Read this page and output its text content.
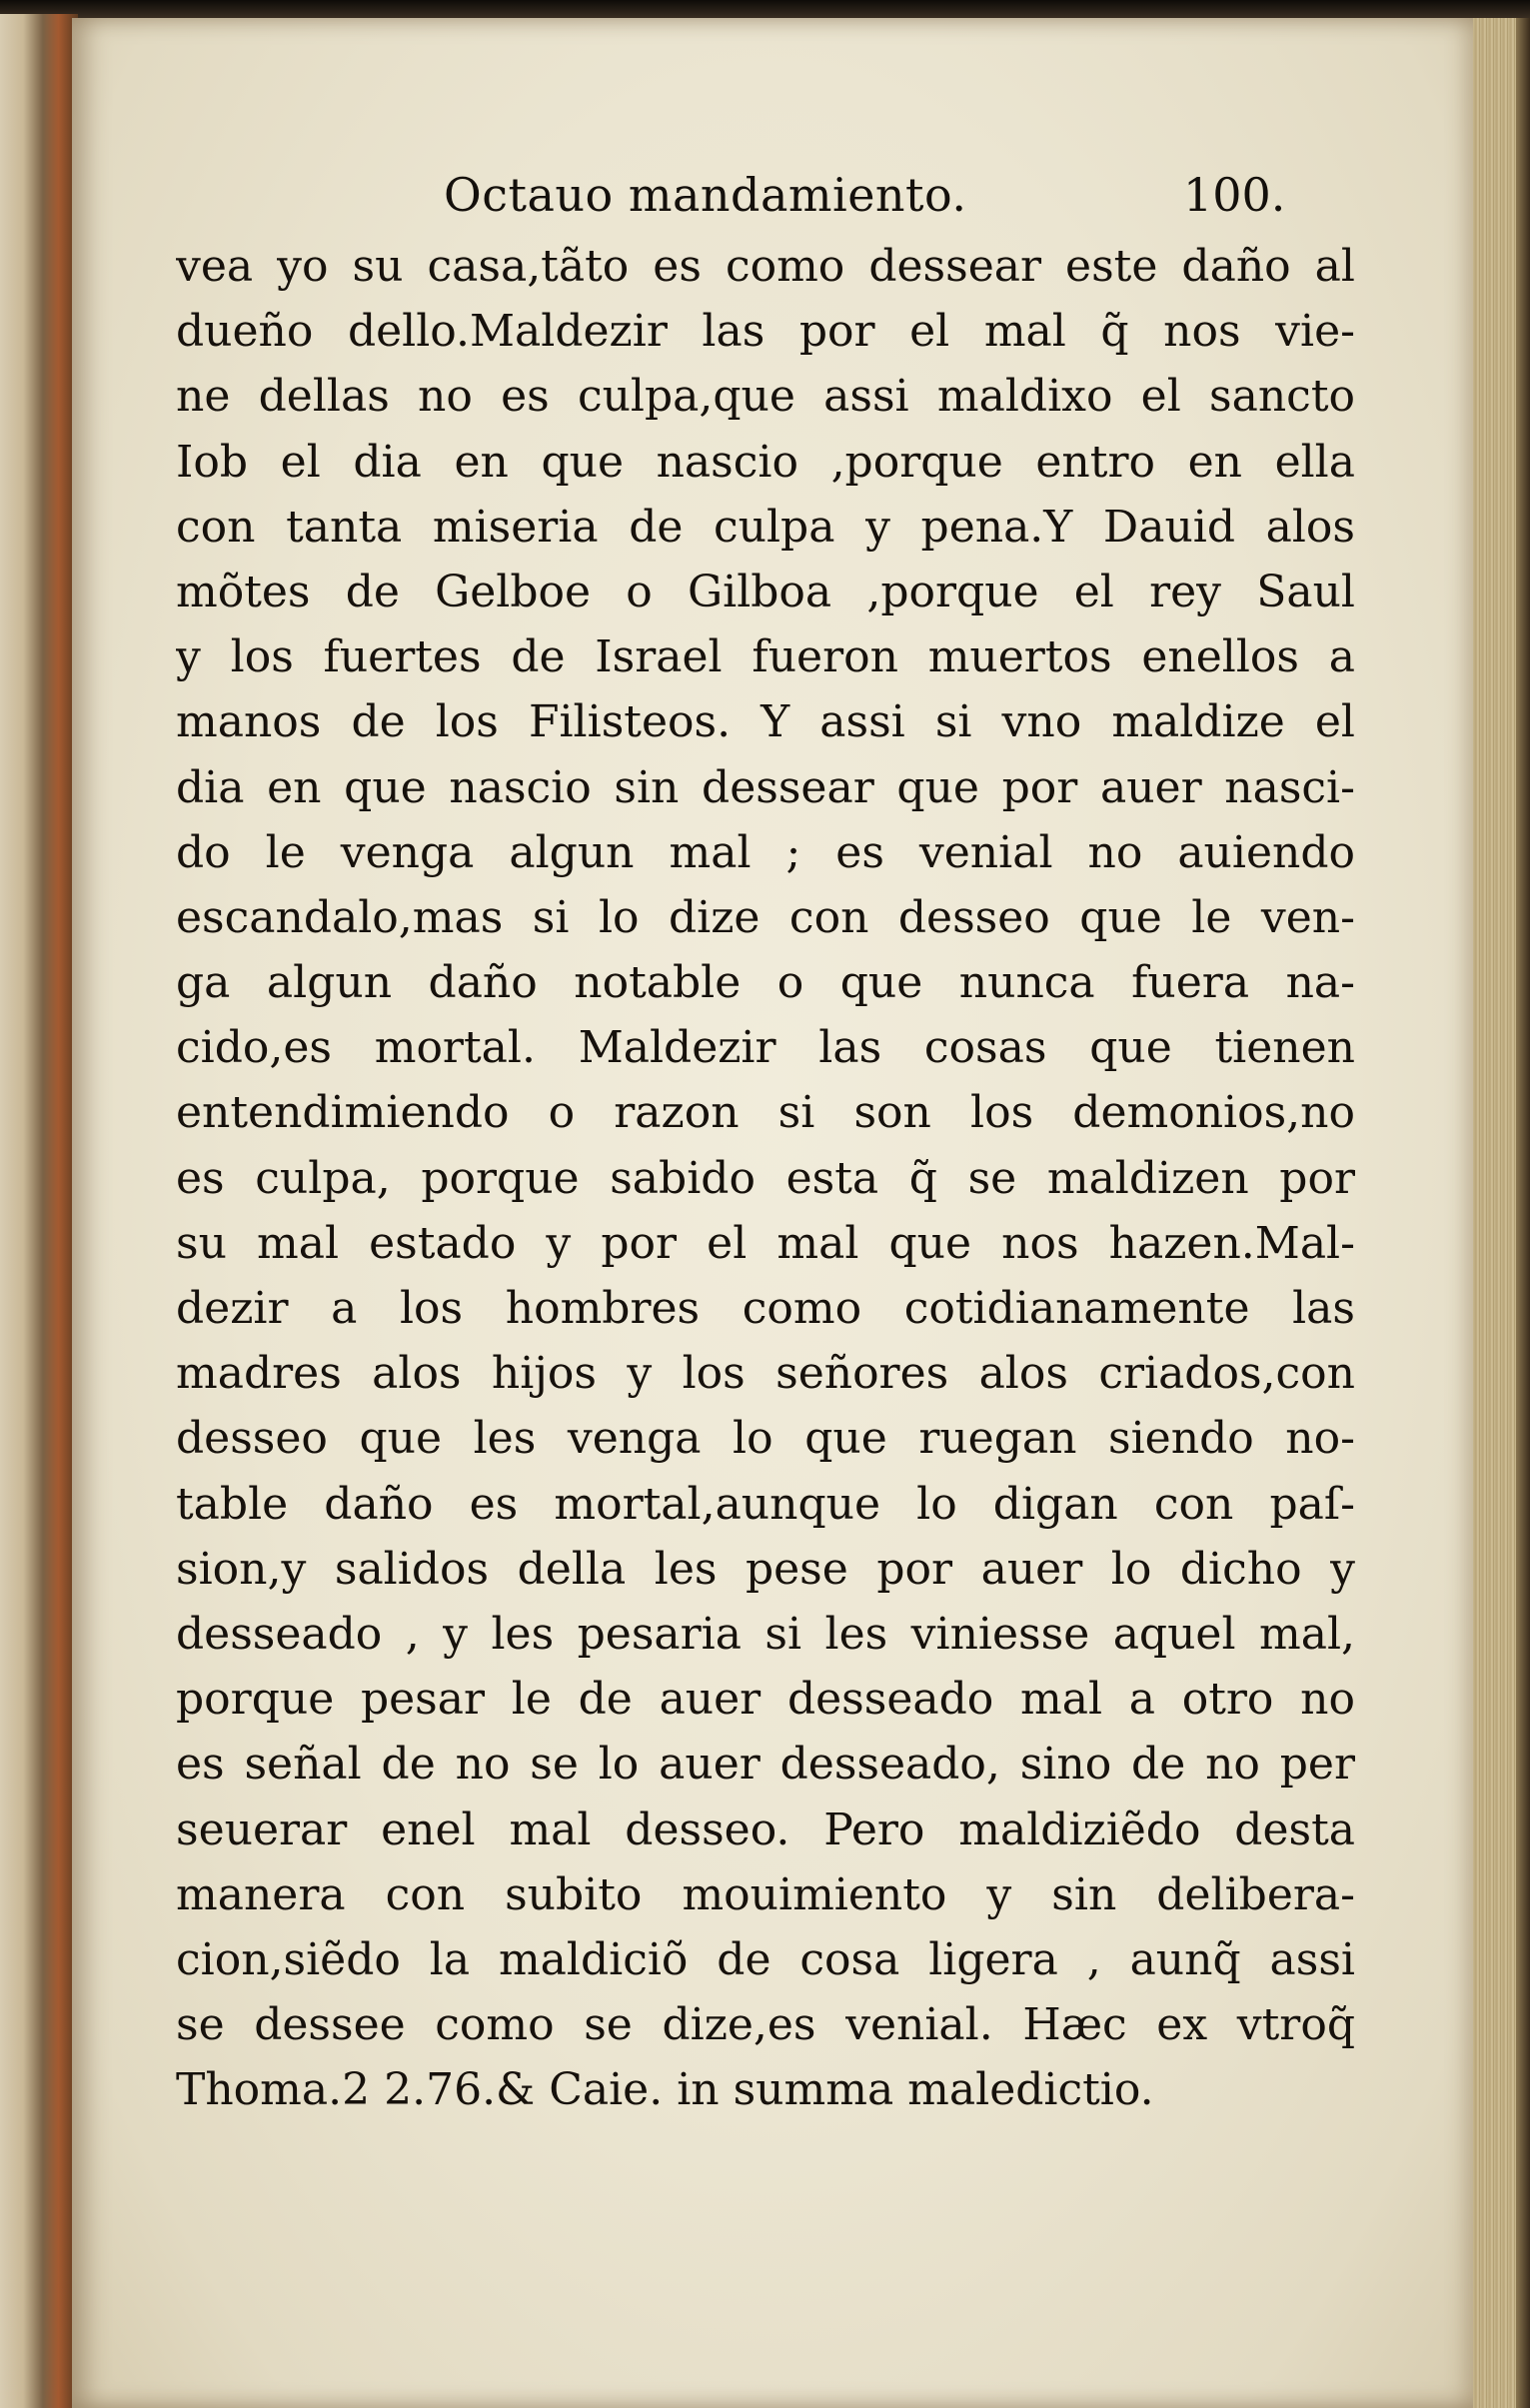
Octauo mandamiento.	100.
vea yo su casa,tãto es como dessear este daño al
dueño dello.Maldezir las por el mal q̃ nos vie-
ne dellas no es culpa,que assi maldixo el sancto
Iob el dia en que nascio ,porque entro en ella
con tanta miseria de culpa y pena.Y Dauid alos
mõtes de Gelboe o Gilboa ,porque el rey Saul
y los fuertes de Israel fueron muertos enellos a
manos de los Filisteos. Y assi si vno maldize el
dia en que nascio sin dessear que por auer nasci-
do le venga algun mal ; es venial no auiendo
escandalo,mas si lo dize con desseo que le ven-
ga algun daño notable o que nunca fuera na-
cido,es mortal. Maldezir las cosas que tienen
entendimiendo o razon si son los demonios,no
es culpa, porque sabido esta q̃ se maldizen por
su mal estado y por el mal que nos hazen.Mal-
dezir a los hombres como cotidianamente las
madres alos hijos y los señores alos criados,con
desseo que les venga lo que ruegan siendo no-
table daño es mortal,aunque lo digan con paſ-
sion,y salidos della les pese por auer lo dicho y
desseado , y les pesaria si les viniesse aquel mal,
porque pesar le de auer desseado mal a otro no
es señal de no se lo auer desseado, sino de no per
seuerar enel mal desseo. Pero maldiziẽdo desta
manera con subito mouimiento y sin delibera-
cion,siẽdo la maldiciõ de cosa ligera , aunq̃ assi
se dessee como se dize,es venial. Hæc ex vtroq̃
Thoma.2 2.76.& Caie. in summa maledictio.
